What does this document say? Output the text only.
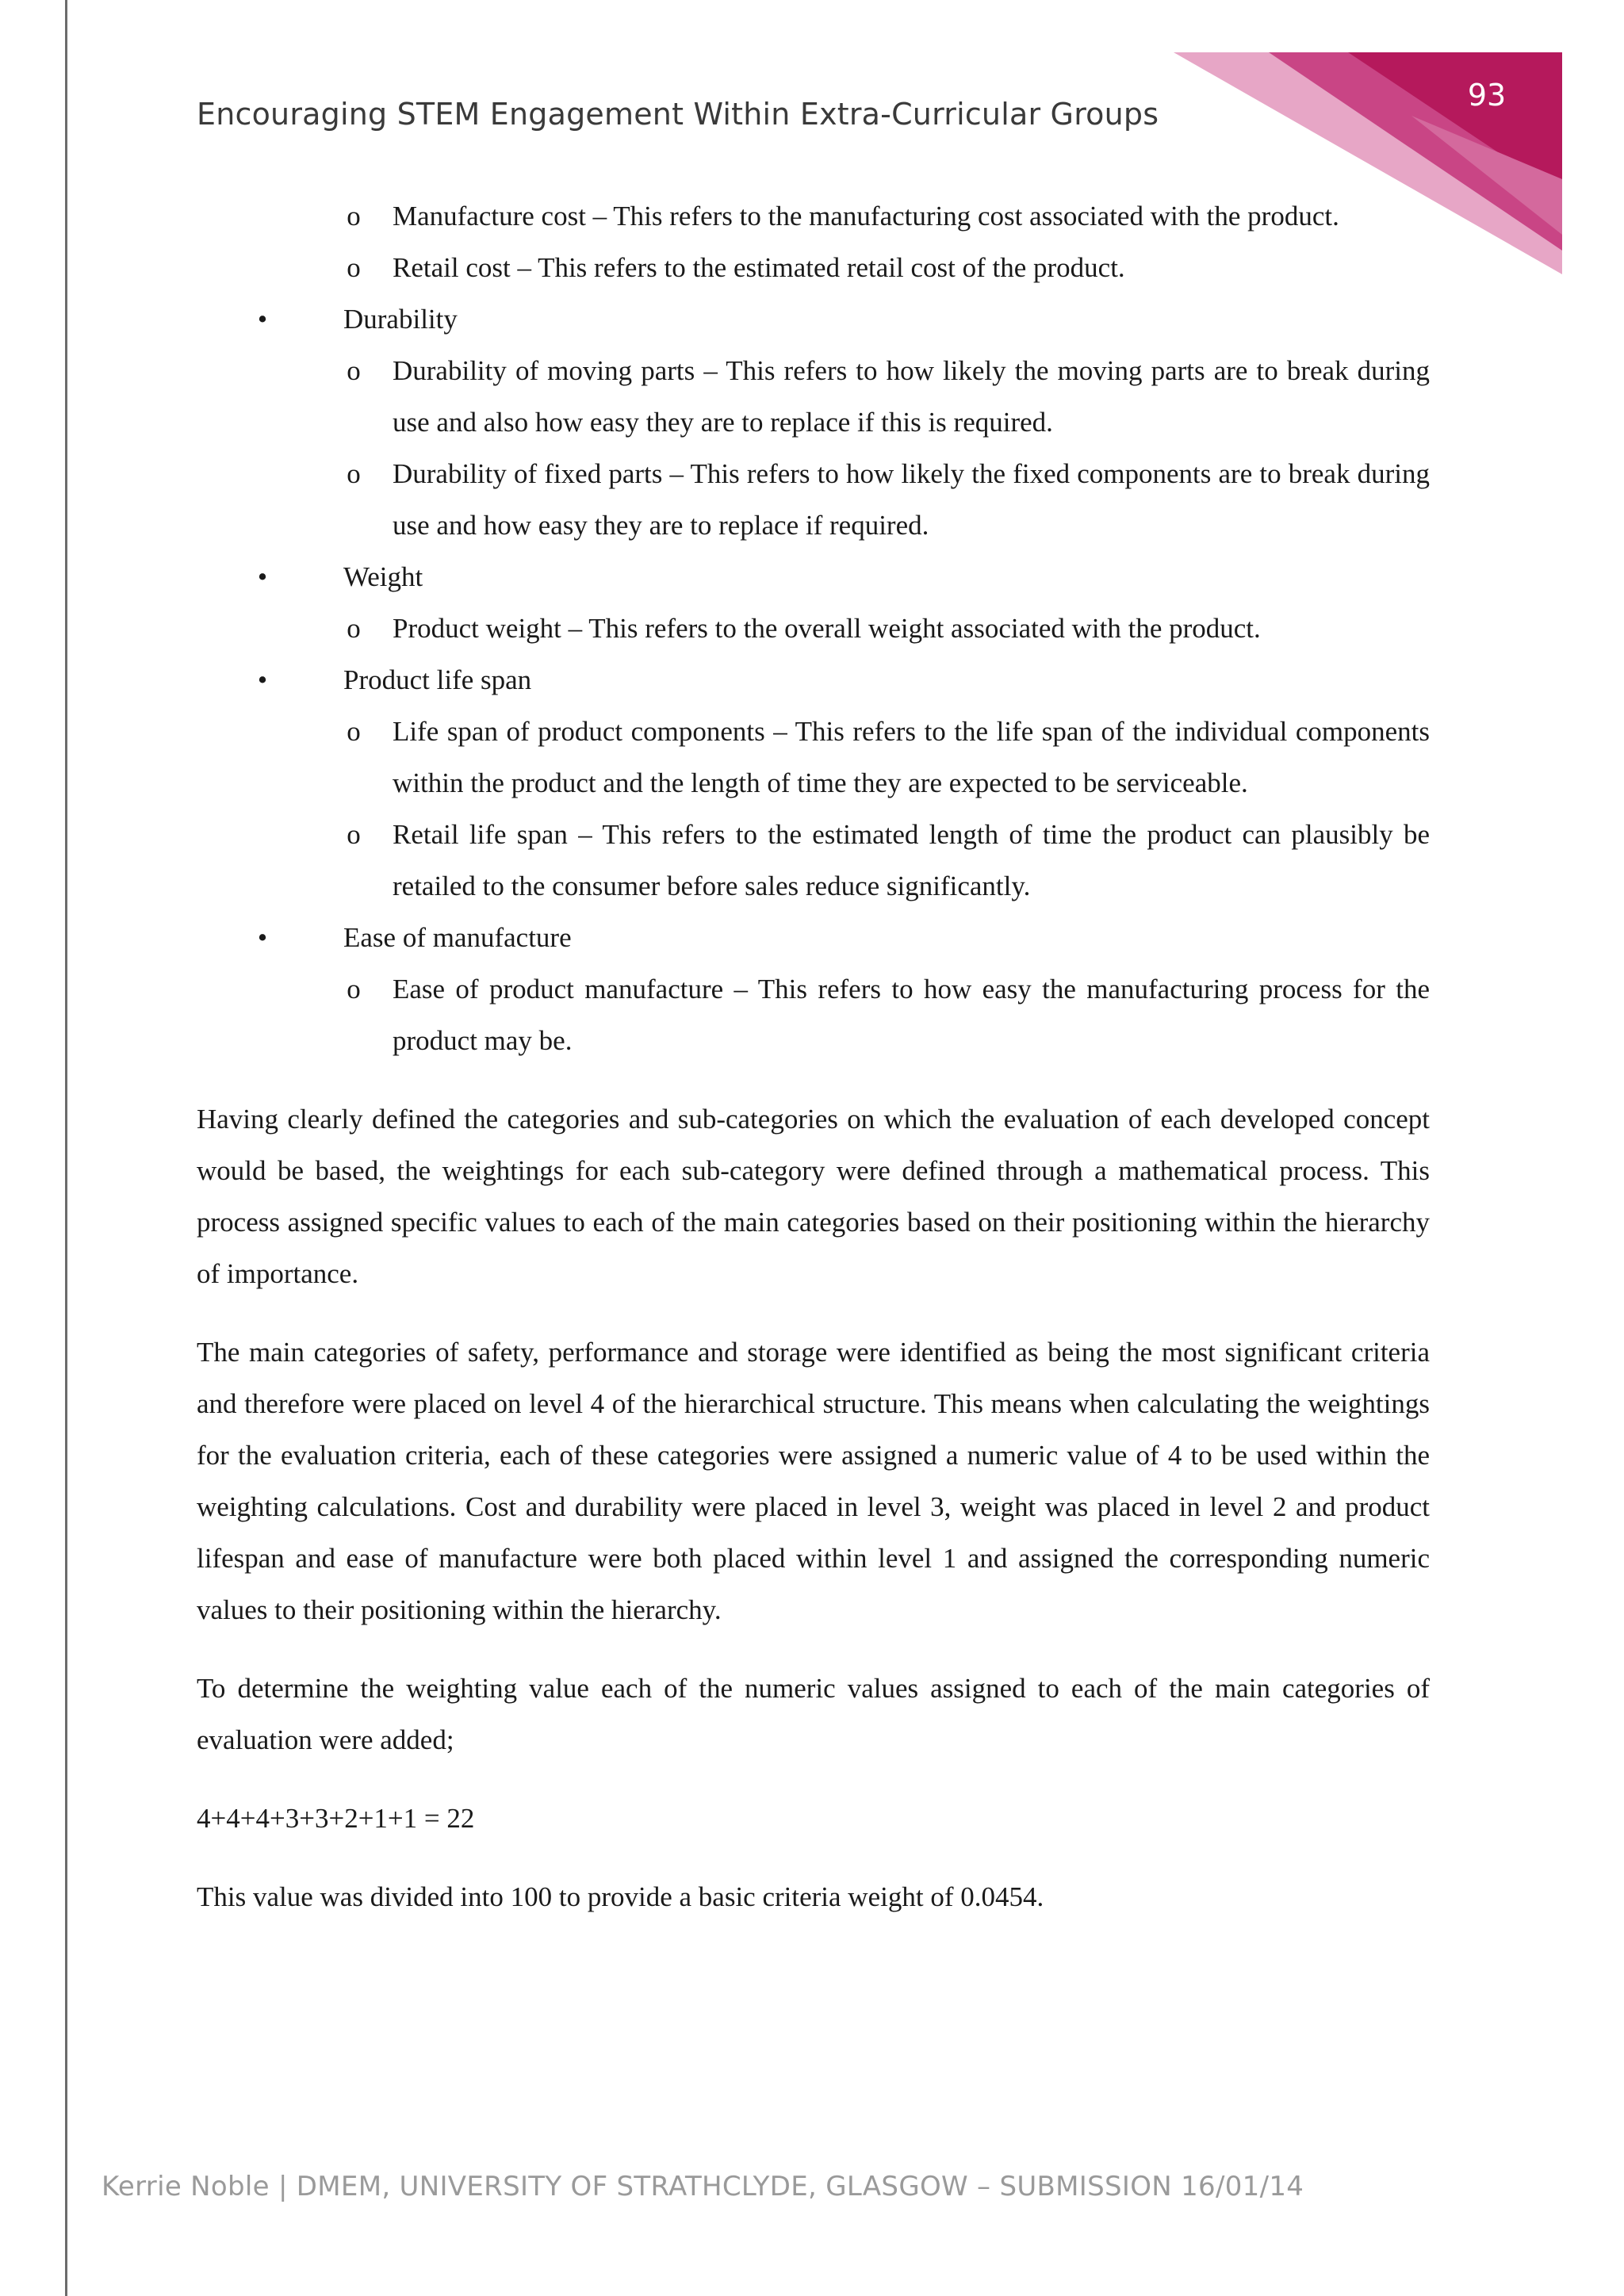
93
Encouraging STEM Engagement Within Extra-Curricular Groups
o	Manufacture cost – This refers to the manufacturing cost associated with the product.
o	Retail cost – This refers to the estimated retail cost of the product.
•	Durability
o	Durability of moving parts – This refers to how likely the moving parts are to break during use and also how easy they are to replace if this is required.
o	Durability of fixed parts – This refers to how likely the fixed components are to break during use and how easy they are to replace if required.
•	Weight
o	Product weight – This refers to the overall weight associated with the product.
•	Product life span
o	Life span of product components – This refers to the life span of the individual components within the product and the length of time they are expected to be serviceable.
o	Retail life span – This refers to the estimated length of time the product can plausibly be retailed to the consumer before sales reduce significantly.
•	Ease of manufacture
o	Ease of product manufacture – This refers to how easy the manufacturing process for the product may be.

Having clearly defined the categories and sub-categories on which the evaluation of each developed concept would be based, the weightings for each sub-category were defined through a mathematical process. This process assigned specific values to each of the main categories based on their positioning within the hierarchy of importance.

The main categories of safety, performance and storage were identified as being the most significant criteria and therefore were placed on level 4 of the hierarchical structure. This means when calculating the weightings for the evaluation criteria, each of these categories were assigned a numeric value of 4 to be used within the weighting calculations. Cost and durability were placed in level 3, weight was placed in level 2 and product lifespan and ease of manufacture were both placed within level 1 and assigned the corresponding numeric values to their positioning within the hierarchy.

To determine the weighting value each of the numeric values assigned to each of the main categories of evaluation were added;

4+4+4+3+3+2+1+1 = 22

This value was divided into 100 to provide a basic criteria weight of 0.0454.

Kerrie Noble | DMEM, UNIVERSITY OF STRATHCLYDE, GLASGOW – SUBMISSION 16/01/14
